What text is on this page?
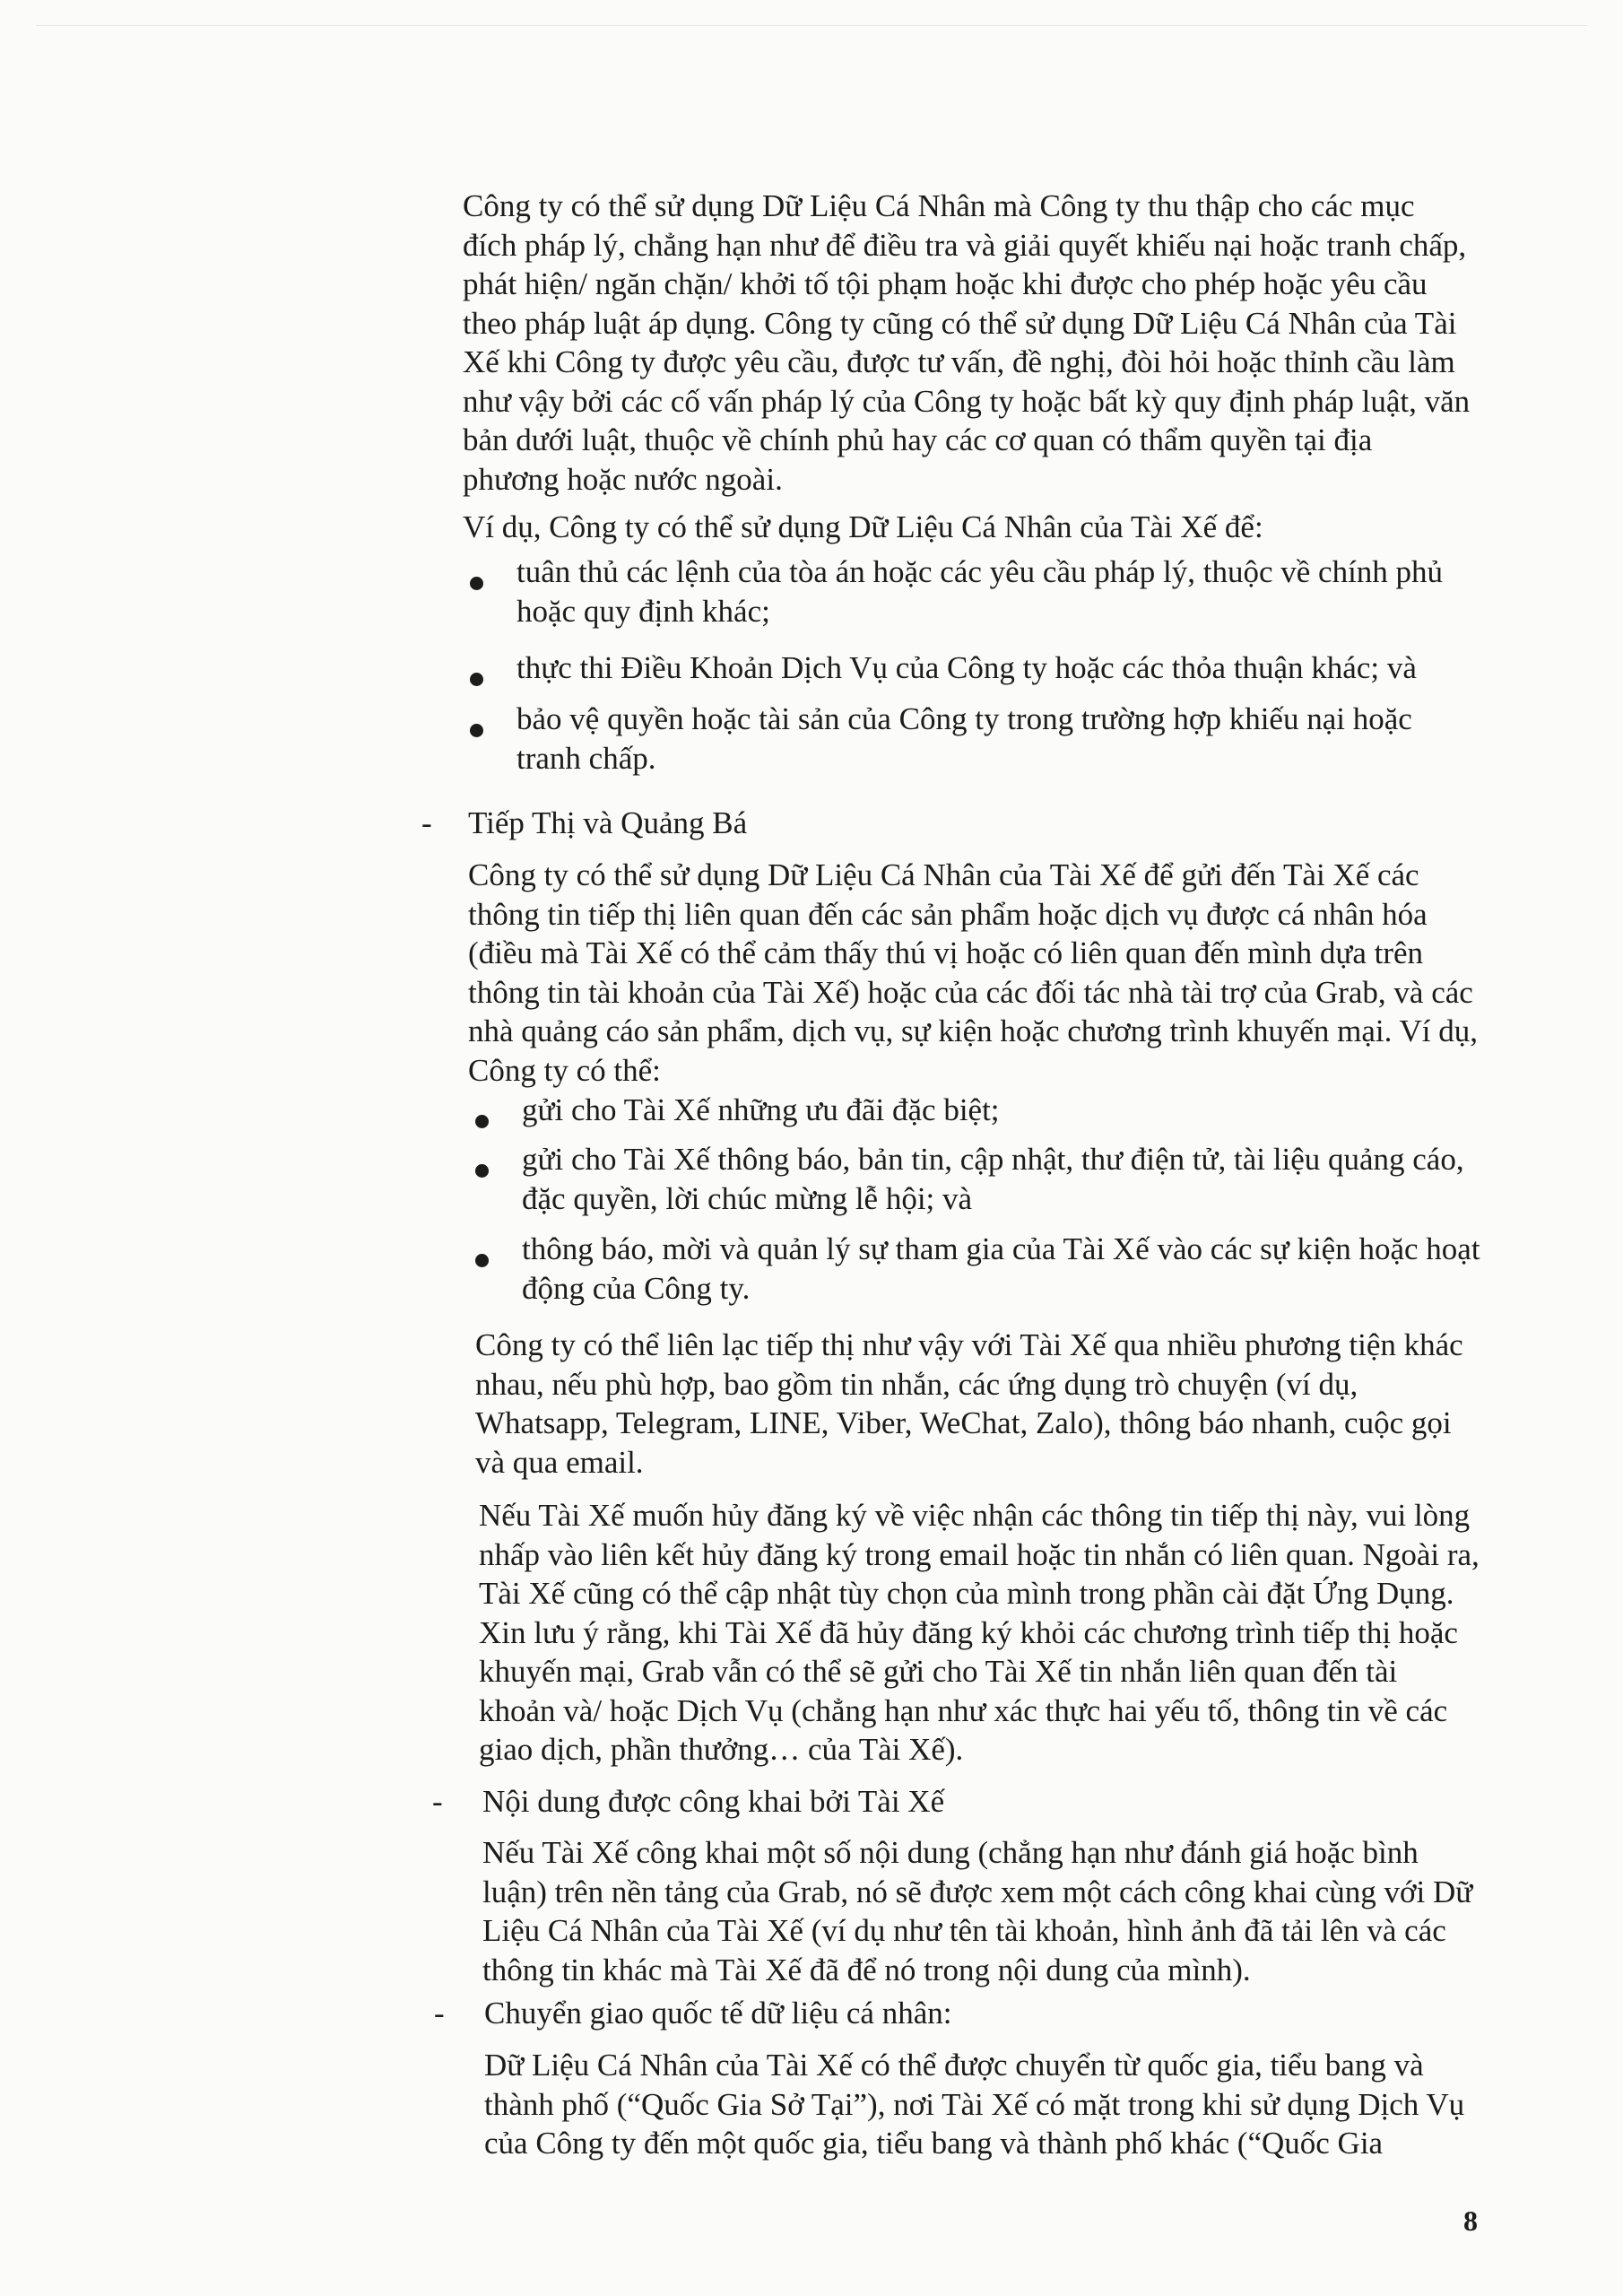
Công ty có thể sử dụng Dữ Liệu Cá Nhân mà Công ty thu thập cho các mục đích pháp lý, chẳng hạn như để điều tra và giải quyết khiếu nại hoặc tranh chấp, phát hiện/ ngăn chặn/ khởi tố tội phạm hoặc khi được cho phép hoặc yêu cầu theo pháp luật áp dụng. Công ty cũng có thể sử dụng Dữ Liệu Cá Nhân của Tài Xế khi Công ty được yêu cầu, được tư vấn, đề nghị, đòi hỏi hoặc thỉnh cầu làm như vậy bởi các cố vấn pháp lý của Công ty hoặc bất kỳ quy định pháp luật, văn bản dưới luật, thuộc về chính phủ hay các cơ quan có thẩm quyền tại địa phương hoặc nước ngoài.

Ví dụ, Công ty có thể sử dụng Dữ Liệu Cá Nhân của Tài Xế để:

tuân thủ các lệnh của tòa án hoặc các yêu cầu pháp lý, thuộc về chính phủ hoặc quy định khác;

thực thi Điều Khoản Dịch Vụ của Công ty hoặc các thỏa thuận khác; và

bảo vệ quyền hoặc tài sản của Công ty trong trường hợp khiếu nại hoặc tranh chấp.

- Tiếp Thị và Quảng Bá

Công ty có thể sử dụng Dữ Liệu Cá Nhân của Tài Xế để gửi đến Tài Xế các thông tin tiếp thị liên quan đến các sản phẩm hoặc dịch vụ được cá nhân hóa (điều mà Tài Xế có thể cảm thấy thú vị hoặc có liên quan đến mình dựa trên thông tin tài khoản của Tài Xế) hoặc của các đối tác nhà tài trợ của Grab, và các nhà quảng cáo sản phẩm, dịch vụ, sự kiện hoặc chương trình khuyến mại. Ví dụ, Công ty có thể:

gửi cho Tài Xế những ưu đãi đặc biệt;

gửi cho Tài Xế thông báo, bản tin, cập nhật, thư điện tử, tài liệu quảng cáo, đặc quyền, lời chúc mừng lễ hội; và

thông báo, mời và quản lý sự tham gia của Tài Xế vào các sự kiện hoặc hoạt động của Công ty.

Công ty có thể liên lạc tiếp thị như vậy với Tài Xế qua nhiều phương tiện khác nhau, nếu phù hợp, bao gồm tin nhắn, các ứng dụng trò chuyện (ví dụ, Whatsapp, Telegram, LINE, Viber, WeChat, Zalo), thông báo nhanh, cuộc gọi và qua email.

Nếu Tài Xế muốn hủy đăng ký về việc nhận các thông tin tiếp thị này, vui lòng nhấp vào liên kết hủy đăng ký trong email hoặc tin nhắn có liên quan. Ngoài ra, Tài Xế cũng có thể cập nhật tùy chọn của mình trong phần cài đặt Ứng Dụng. Xin lưu ý rằng, khi Tài Xế đã hủy đăng ký khỏi các chương trình tiếp thị hoặc khuyến mại, Grab vẫn có thể sẽ gửi cho Tài Xế tin nhắn liên quan đến tài khoản và/ hoặc Dịch Vụ (chẳng hạn như xác thực hai yếu tố, thông tin về các giao dịch, phần thưởng… của Tài Xế).

- Nội dung được công khai bởi Tài Xế

Nếu Tài Xế công khai một số nội dung (chẳng hạn như đánh giá hoặc bình luận) trên nền tảng của Grab, nó sẽ được xem một cách công khai cùng với Dữ Liệu Cá Nhân của Tài Xế (ví dụ như tên tài khoản, hình ảnh đã tải lên và các thông tin khác mà Tài Xế đã để nó trong nội dung của mình).

- Chuyển giao quốc tế dữ liệu cá nhân:

Dữ Liệu Cá Nhân của Tài Xế có thể được chuyển từ quốc gia, tiểu bang và thành phố (“Quốc Gia Sở Tại”), nơi Tài Xế có mặt trong khi sử dụng Dịch Vụ của Công ty đến một quốc gia, tiểu bang và thành phố khác (“Quốc Gia

8
